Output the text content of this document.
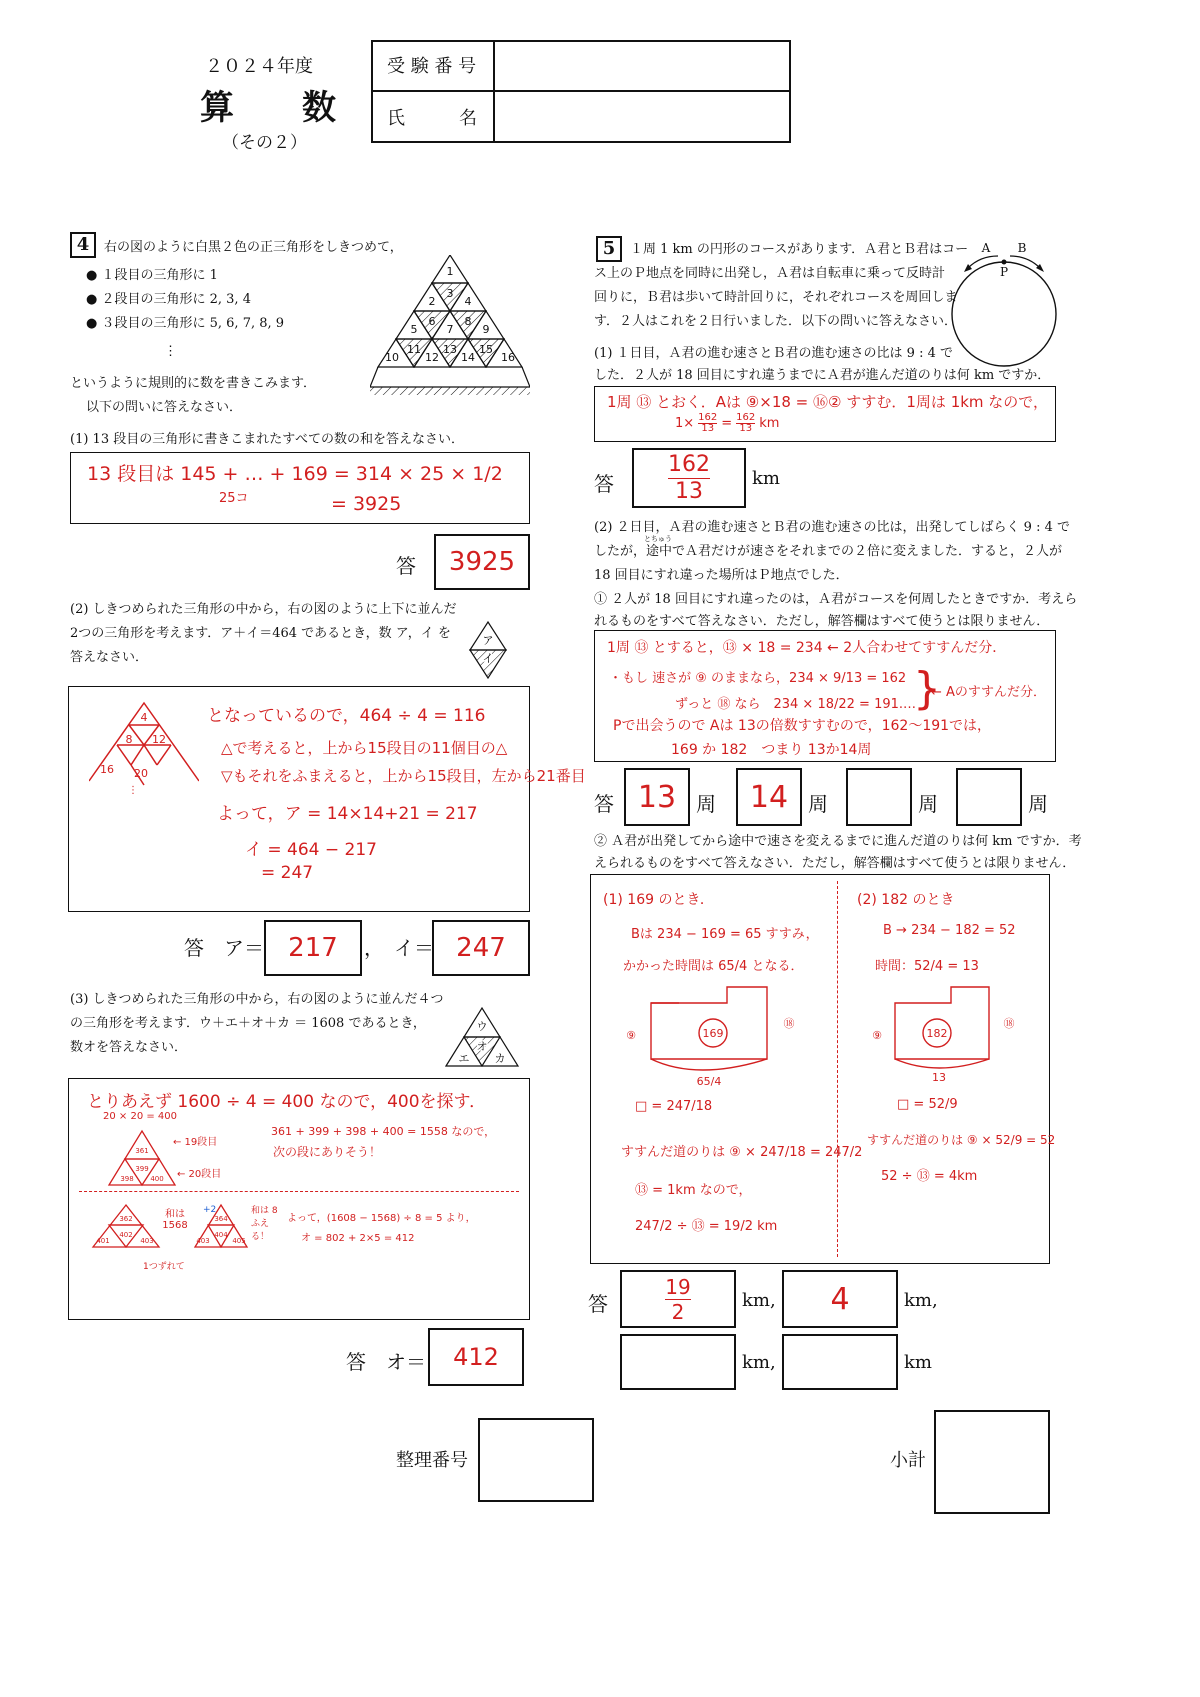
２０２４年度
算　　数
（その２）
受 験 番 号
氏　　　名
4	右の図のように白黒２色の正三角形をしきつめて，
● １段目の三角形に 1
● ２段目の三角形に 2, 3, 4
● ３段目の三角形に 5, 6, 7, 8, 9
⋮
というように規則的に数を書きこみます．
以下の問いに答えなさい．
1
2
3
4
5
6
7
8
9
10
11
12
13
14
15
16
(1) 13 段目の三角形に書きこまれたすべての数の和を答えなさい．
13 段目は 145 + … + 169 = 314 × 25 × 1/2
25コ	= 3925
答 3925
(2) しきつめられた三角形の中から，右の図のように上下に並んだ
2つの三角形を考えます．ア＋イ＝464 であるとき，数 ア，イ を
答えなさい．
ア
イ
4
8 12
16 20
⋮
となっているので，464 ÷ 4 = 116
△で考えると，上から15段目の11個目の△
▽もそれをふまえると，上から15段目，左から21番目
よって，ア = 14×14+21 = 217
イ = 464 − 217
= 247
答　ア＝ 217 ，　イ＝ 247
(3) しきつめられた三角形の中から，右の図のように並んだ４つ
の三角形を考えます．ウ＋エ＋オ＋カ ＝ 1608 であるとき，
数オを答えなさい．
ウ
オ
エ カ
とりあえず 1600 ÷ 4 = 400 なので，400を探す．
20 × 20 = 400
← 19段目
← 20段目
361 + 399 + 398 + 400 = 1558 なので，
次の段にありそう！
361
399
398 400
362
401
402
403
和は 1568
+2
364
403
404
405
和は 8ふえる！
よって，(1608 − 1568) ÷ 8 = 5 より，
オ = 802 + 2×5 = 412
1つずれて
答　オ＝ 412
5	１周 1 km の円形のコースがあります．Ａ君とＢ君はコー
ス上のＰ地点を同時に出発し，Ａ君は自転車に乗って反時計
回りに，Ｂ君は歩いて時計回りに，それぞれコースを周回しま
す．２人はこれを２日行いました．以下の問いに答えなさい．
A B
P
(1) １日目，Ａ君の進む速さとＢ君の進む速さの比は 9 : 4 で
した．２人が 18 回目にすれ違うまでにＡ君が進んだ道のりは何 km ですか．
1周 ⑬ とおく．Aは ⑨×18 = ⑯② すすむ．1周は 1km なので，
$1\times \frac{162}{13} = \frac{162}{13}$ km
答 $\frac{162}{13}$ km
(2) ２日目，Ａ君の進む速さとＢ君の進む速さの比は，出発してしばらく 9 : 4 で
とちゅう
したが，途中でＡ君だけが速さをそれまでの２倍に変えました．すると，２人が
18 回目にすれ違った場所はＰ地点でした．
① ２人が 18 回目にすれ違ったのは，Ａ君がコースを何周したときですか．考えら
れるものをすべて答えなさい．ただし，解答欄はすべて使うとは限りません．
1周 ⑬ とすると，⑬ × 18 = 234 ← 2人合わせてすすんだ分．
・もし 速さが ⑨ のままなら，234 × 9/13 = 162
ずっと ⑱ なら　234 × 18/22 = 191.…
}
← Aのすすんだ分．
Pで出会うので Aは 13の倍数すすむので，162〜191では，
169 か 182　つまり 13か14周
答 13 周 14 周	周	周
② Ａ君が出発してから途中で速さを変えるまでに進んだ道のりは何 km ですか．考
えられるものをすべて答えなさい．ただし，解答欄はすべて使うとは限りません．
(1) 169 のとき．
Bは 234 − 169 = 65 すすみ，
かかった時間は 65/4 となる．
⑨	169
⑱
65/4
□ = 247/18
すすんだ道のりは ⑨ × 247/18 = 247/2
⑬ = 1km なので，
247/2 ÷ ⑬ = 19/2 km
(2) 182 のとき
B → 234 − 182 = 52
時間：52/4 = 13
⑨	182
⑱
13
□ = 52/9
すすんだ道のりは ⑨ × 52/9 = 52
52 ÷ ⑬ = 4km
答	$\frac{19}{2}$	km, 4	km,
km,	km
整理番号	小計
